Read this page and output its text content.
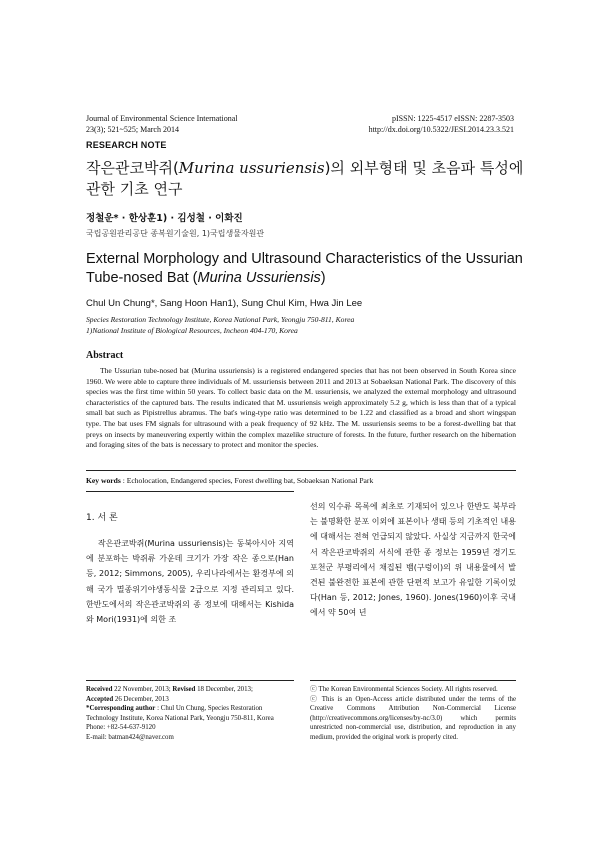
Journal of Environmental Science International
23(3); 521~525; March 2014
pISSN: 1225-4517 eISSN: 2287-3503
http://dx.doi.org/10.5322/JESI.2014.23.3.521
RESEARCH NOTE
작은관코박쥐(Murina ussuriensis)의 외부형태 및 초음파 특성에 관한 기초 연구
정철운* · 한상훈1) · 김성철 · 이화진
국립공원관리공단 종복원기술원, 1)국립생물자원관
External Morphology and Ultrasound Characteristics of the Ussurian Tube-nosed Bat (Murina Ussuriensis)
Chul Un Chung*, Sang Hoon Han1), Sung Chul Kim, Hwa Jin Lee
Species Restoration Technology Institute, Korea National Park, Yeongju 750-811, Korea
1)National Institute of Biological Resources, Incheon 404-170, Korea
Abstract
The Ussurian tube-nosed bat (Murina ussuriensis) is a registered endangered species that has not been observed in South Korea since 1960. We were able to capture three individuals of M. ussuriensis between 2011 and 2013 at Sobaeksan National Park. The discovery of this species was the first time within 50 years. To collect basic data on the M. ussuriensis, we analyzed the external morphology and ultrasound characteristics of the captured bats. The results indicated that M. ussuriensis weigh approximately 5.2 g, which is less than that of a typical small bat such as Pipistrellus abramus. The bat's wing-type ratio was determined to be 1.22 and classified as a broad and short wingspan type. The bat uses FM signals for ultrasound with a peak frequency of 92 kHz. The M. ussuriensis seems to be a forest-dwelling bat that preys on insects by maneuvering expertly within the complex mazelike structure of forests. In the future, further research on the hibernation and foraging sites of the bats is necessary to protect and monitor the species.
Key words : Echolocation, Endangered species, Forest dwelling bat, Sobaeksan National Park
1. 서 론
작은관코박쥐(Murina ussuriensis)는 동북아시아 지역에 분포하는 박쥐류 가운데 크기가 가장 작은 종으로(Han 등, 2012; Simmons, 2005), 우리나라에서는 환경부에 의해 국가 멸종위기야생동식물 2급으로 지정 관리되고 있다. 한반도에서의 작은관코박쥐의 종 정보에 대해서는 Kishida와 Mori(1931)에 의한 조
선의 익수류 목록에 최초로 기재되어 있으나 한반도 북부라는 불명확한 분포 이외에 표본이나 생태 등의 기초적인 내용에 대해서는 전혀 언급되지 않았다. 사실상 지금까지 한국에서 작은관코박쥐의 서식에 관한 종 정보는 1959년 경기도 포천군 부평리에서 채집된 뱀(구렁이)의 위 내용물에서 발견된 불완전한 표본에 관한 단편적 보고가 유일한 기록이었다(Han 등, 2012; Jones, 1960). Jones(1960)이후 국내에서 약 50여 년
Received 22 November, 2013; Revised 18 December, 2013;
Accepted 26 December, 2013
*Corresponding author : Chul Un Chung, Species Restoration Technology Institute, Korea National Park, Yeongju 750-811, Korea
Phone: +82-54-637-9120
E-mail: batman424@naver.com
ⓒ The Korean Environmental Sciences Society. All rights reserved.
ⓒ This is an Open-Access article distributed under the terms of the Creative Commons Attribution Non-Commercial License (http://creativecommons.org/licenses/by-nc/3.0) which permits unrestricted non-commercial use, distribution, and reproduction in any medium, provided the original work is properly cited.
